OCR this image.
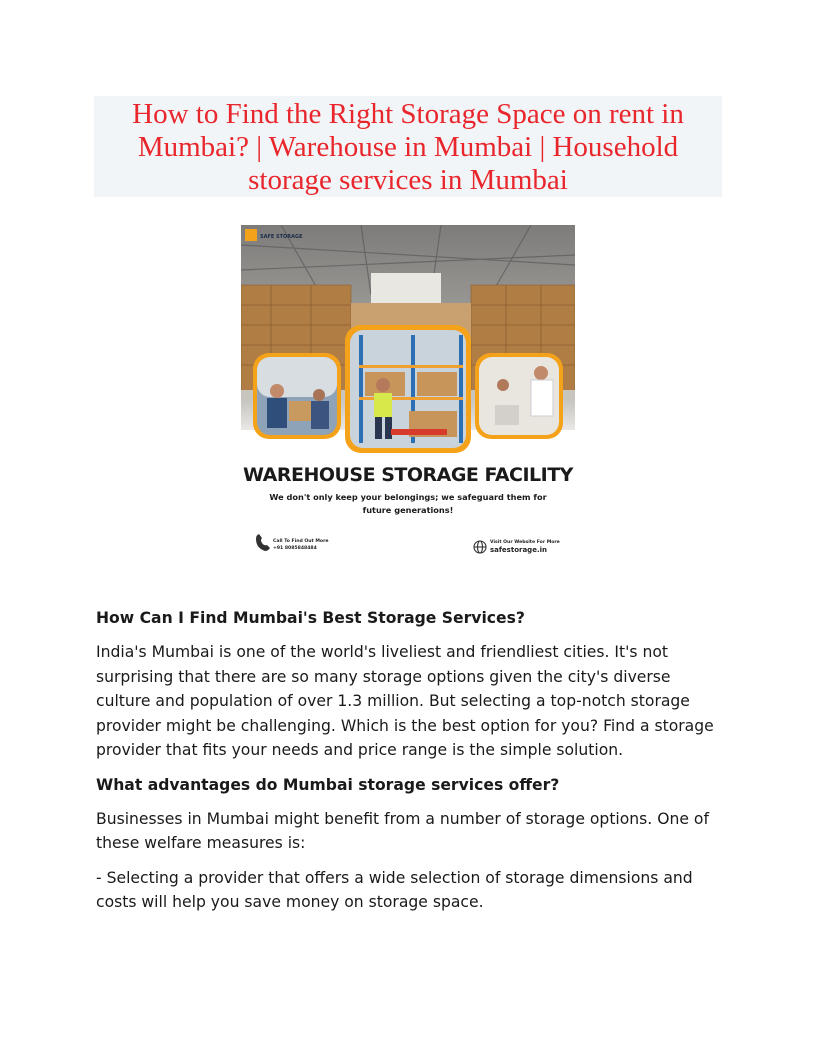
How to Find the Right Storage Space on rent in Mumbai? | Warehouse in Mumbai | Household storage services in Mumbai
SAFE STORAGE
WAREHOUSE STORAGE FACILITY
We don't only keep your belongings; we safeguard them for
future generations!
Call To Find Out More
+91 8085848484
Visit Our Website For More
safestorage.in
How Can I Find Mumbai's Best Storage Services?

India's Mumbai is one of the world's liveliest and friendliest cities. It's not surprising that there are so many storage options given the city's diverse culture and population of over 1.3 million. But selecting a top-notch storage provider might be challenging. Which is the best option for you? Find a storage provider that fits your needs and price range is the simple solution.

What advantages do Mumbai storage services offer?

Businesses in Mumbai might benefit from a number of storage options. One of these welfare measures is:

- Selecting a provider that offers a wide selection of storage dimensions and costs will help you save money on storage space.
